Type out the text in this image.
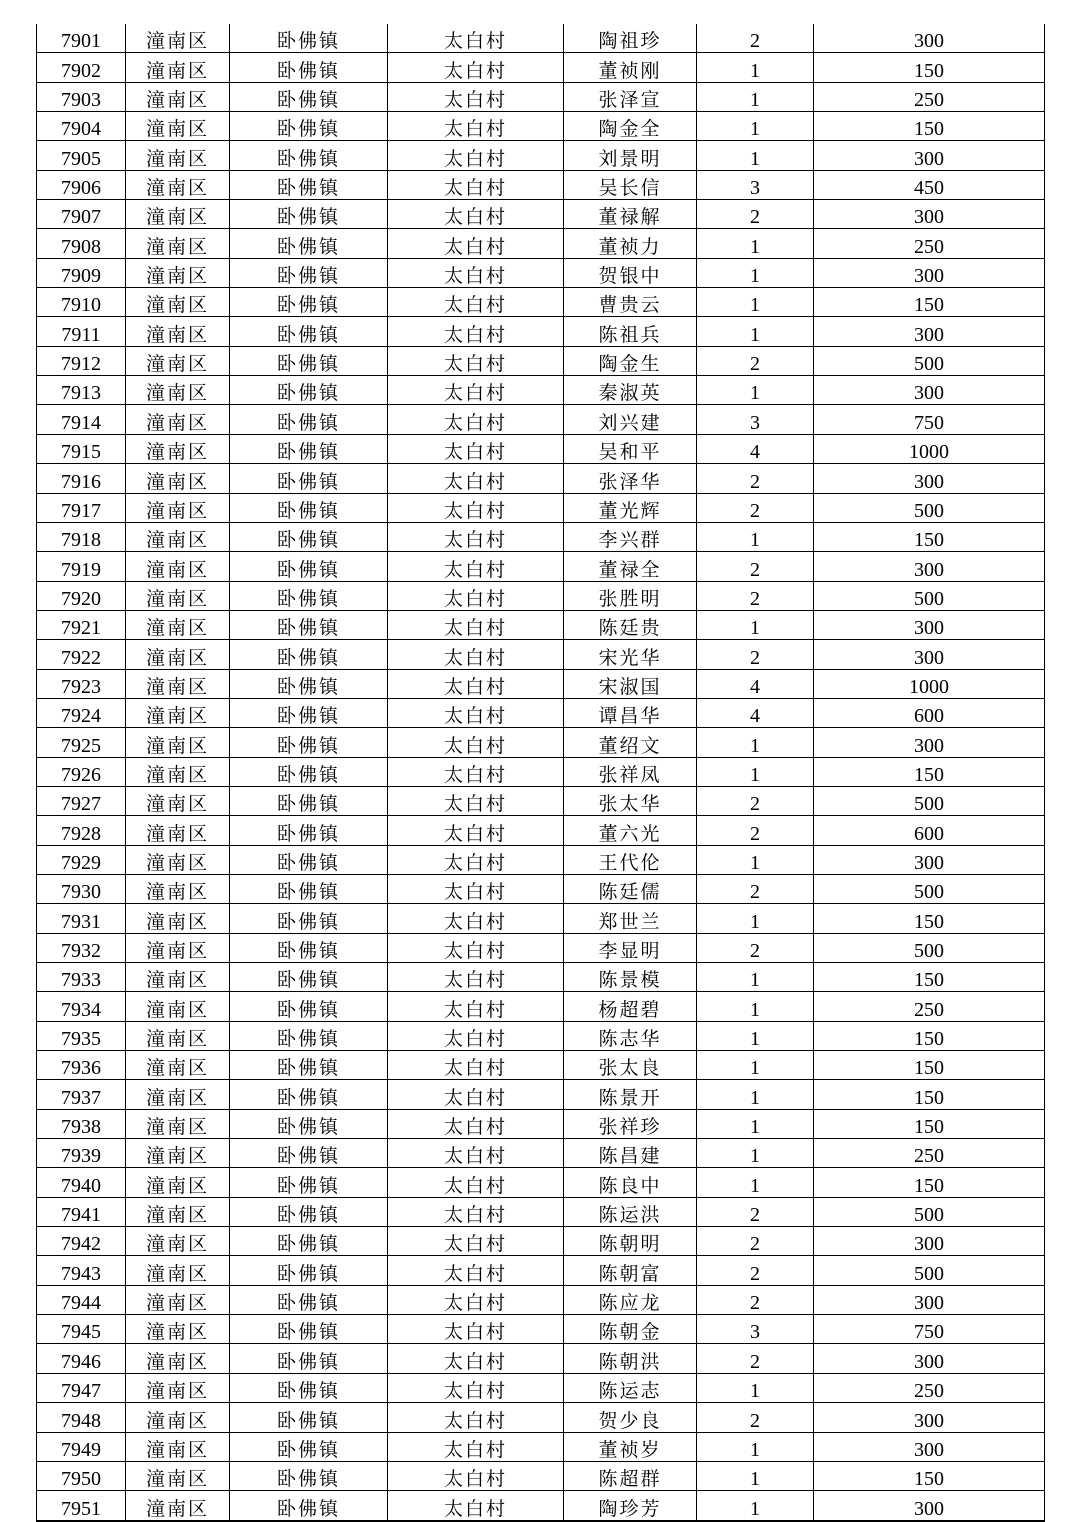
7901	潼南区	卧佛镇	太白村	陶祖珍	2	300
7902	潼南区	卧佛镇	太白村	董祯刚	1	150
7903	潼南区	卧佛镇	太白村	张泽宣	1	250
7904	潼南区	卧佛镇	太白村	陶金全	1	150
7905	潼南区	卧佛镇	太白村	刘景明	1	300
7906	潼南区	卧佛镇	太白村	吴长信	3	450
7907	潼南区	卧佛镇	太白村	董禄解	2	300
7908	潼南区	卧佛镇	太白村	董祯力	1	250
7909	潼南区	卧佛镇	太白村	贺银中	1	300
7910	潼南区	卧佛镇	太白村	曹贵云	1	150
7911	潼南区	卧佛镇	太白村	陈祖兵	1	300
7912	潼南区	卧佛镇	太白村	陶金生	2	500
7913	潼南区	卧佛镇	太白村	秦淑英	1	300
7914	潼南区	卧佛镇	太白村	刘兴建	3	750
7915	潼南区	卧佛镇	太白村	吴和平	4	1000
7916	潼南区	卧佛镇	太白村	张泽华	2	300
7917	潼南区	卧佛镇	太白村	董光辉	2	500
7918	潼南区	卧佛镇	太白村	李兴群	1	150
7919	潼南区	卧佛镇	太白村	董禄全	2	300
7920	潼南区	卧佛镇	太白村	张胜明	2	500
7921	潼南区	卧佛镇	太白村	陈廷贵	1	300
7922	潼南区	卧佛镇	太白村	宋光华	2	300
7923	潼南区	卧佛镇	太白村	宋淑国	4	1000
7924	潼南区	卧佛镇	太白村	谭昌华	4	600
7925	潼南区	卧佛镇	太白村	董绍文	1	300
7926	潼南区	卧佛镇	太白村	张祥凤	1	150
7927	潼南区	卧佛镇	太白村	张太华	2	500
7928	潼南区	卧佛镇	太白村	董六光	2	600
7929	潼南区	卧佛镇	太白村	王代伦	1	300
7930	潼南区	卧佛镇	太白村	陈廷儒	2	500
7931	潼南区	卧佛镇	太白村	郑世兰	1	150
7932	潼南区	卧佛镇	太白村	李显明	2	500
7933	潼南区	卧佛镇	太白村	陈景模	1	150
7934	潼南区	卧佛镇	太白村	杨超碧	1	250
7935	潼南区	卧佛镇	太白村	陈志华	1	150
7936	潼南区	卧佛镇	太白村	张太良	1	150
7937	潼南区	卧佛镇	太白村	陈景开	1	150
7938	潼南区	卧佛镇	太白村	张祥珍	1	150
7939	潼南区	卧佛镇	太白村	陈昌建	1	250
7940	潼南区	卧佛镇	太白村	陈良中	1	150
7941	潼南区	卧佛镇	太白村	陈运洪	2	500
7942	潼南区	卧佛镇	太白村	陈朝明	2	300
7943	潼南区	卧佛镇	太白村	陈朝富	2	500
7944	潼南区	卧佛镇	太白村	陈应龙	2	300
7945	潼南区	卧佛镇	太白村	陈朝金	3	750
7946	潼南区	卧佛镇	太白村	陈朝洪	2	300
7947	潼南区	卧佛镇	太白村	陈运志	1	250
7948	潼南区	卧佛镇	太白村	贺少良	2	300
7949	潼南区	卧佛镇	太白村	董祯岁	1	300
7950	潼南区	卧佛镇	太白村	陈超群	1	150
7951	潼南区	卧佛镇	太白村	陶珍芳	1	300
